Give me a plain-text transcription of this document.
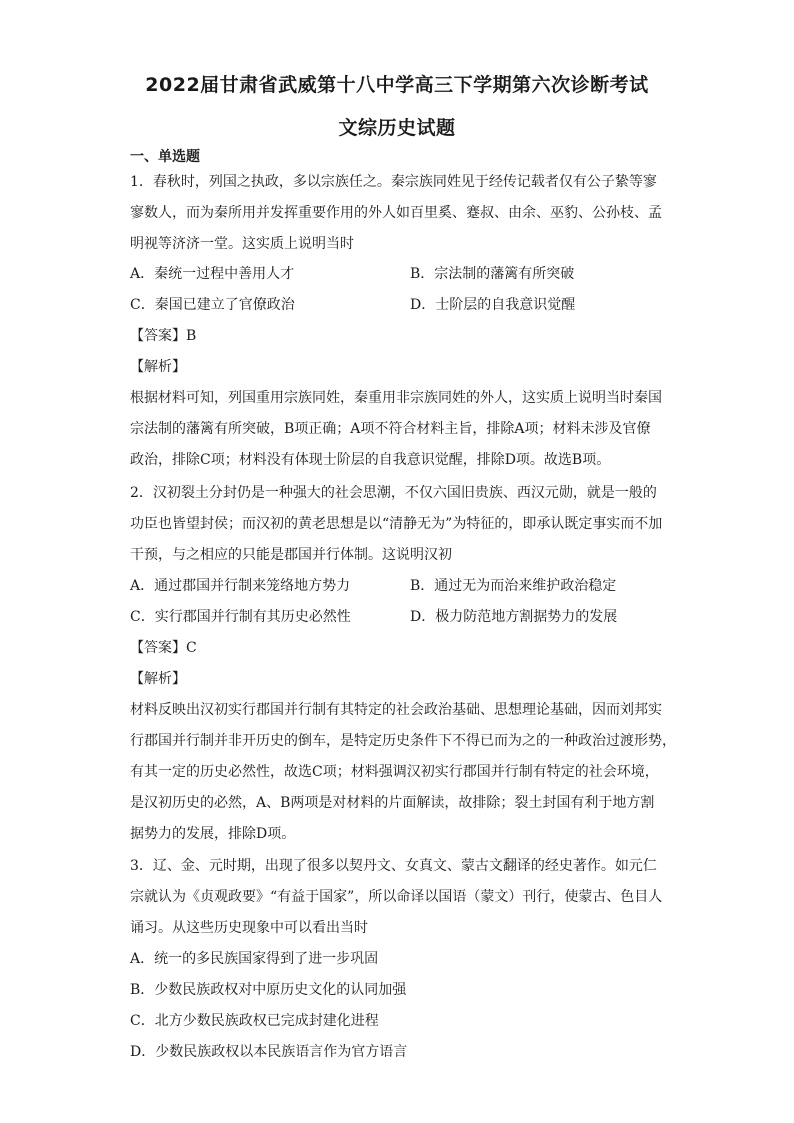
2022届甘肃省武威第十八中学高三下学期第六次诊断考试
文综历史试题
一、单选题
1．春秋时，列国之执政，多以宗族任之。秦宗族同姓见于经传记载者仅有公子絷等寥
寥数人，而为秦所用并发挥重要作用的外人如百里奚、蹇叔、由余、巫豹、公孙枝、孟
明视等济济一堂。这实质上说明当时
A．秦统一过程中善用人才	B．宗法制的藩篱有所突破
C．秦国已建立了官僚政治	D．士阶层的自我意识觉醒
【答案】B
【解析】
根据材料可知，列国重用宗族同姓，秦重用非宗族同姓的外人，这实质上说明当时秦国
宗法制的藩篱有所突破，B项正确；A项不符合材料主旨，排除A项；材料未涉及官僚
政治，排除C项；材料没有体现士阶层的自我意识觉醒，排除D项。故选B项。
2．汉初裂土分封仍是一种强大的社会思潮，不仅六国旧贵族、西汉元勋，就是一般的
功臣也皆望封侯；而汉初的黄老思想是以“清静无为”为特征的，即承认既定事实而不加
干预，与之相应的只能是郡国并行体制。这说明汉初
A．通过郡国并行制来笼络地方势力	B．通过无为而治来维护政治稳定
C．实行郡国并行制有其历史必然性	D．极力防范地方割据势力的发展
【答案】C
【解析】
材料反映出汉初实行郡国并行制有其特定的社会政治基础、思想理论基础，因而刘邦实
行郡国并行制并非开历史的倒车，是特定历史条件下不得已而为之的一种政治过渡形势，
有其一定的历史必然性，故选C项；材料强调汉初实行郡国并行制有特定的社会环境，
是汉初历史的必然，A、B两项是对材料的片面解读，故排除；裂土封国有利于地方割
据势力的发展，排除D项。
3．辽、金、元时期，出现了很多以契丹文、女真文、蒙古文翻译的经史著作。如元仁
宗就认为《贞观政要》“有益于国家”，所以命译以国语（蒙文）刊行，使蒙古、色目人
诵习。从这些历史现象中可以看出当时
A．统一的多民族国家得到了进一步巩固
B．少数民族政权对中原历史文化的认同加强
C．北方少数民族政权已完成封建化进程
D．少数民族政权以本民族语言作为官方语言
